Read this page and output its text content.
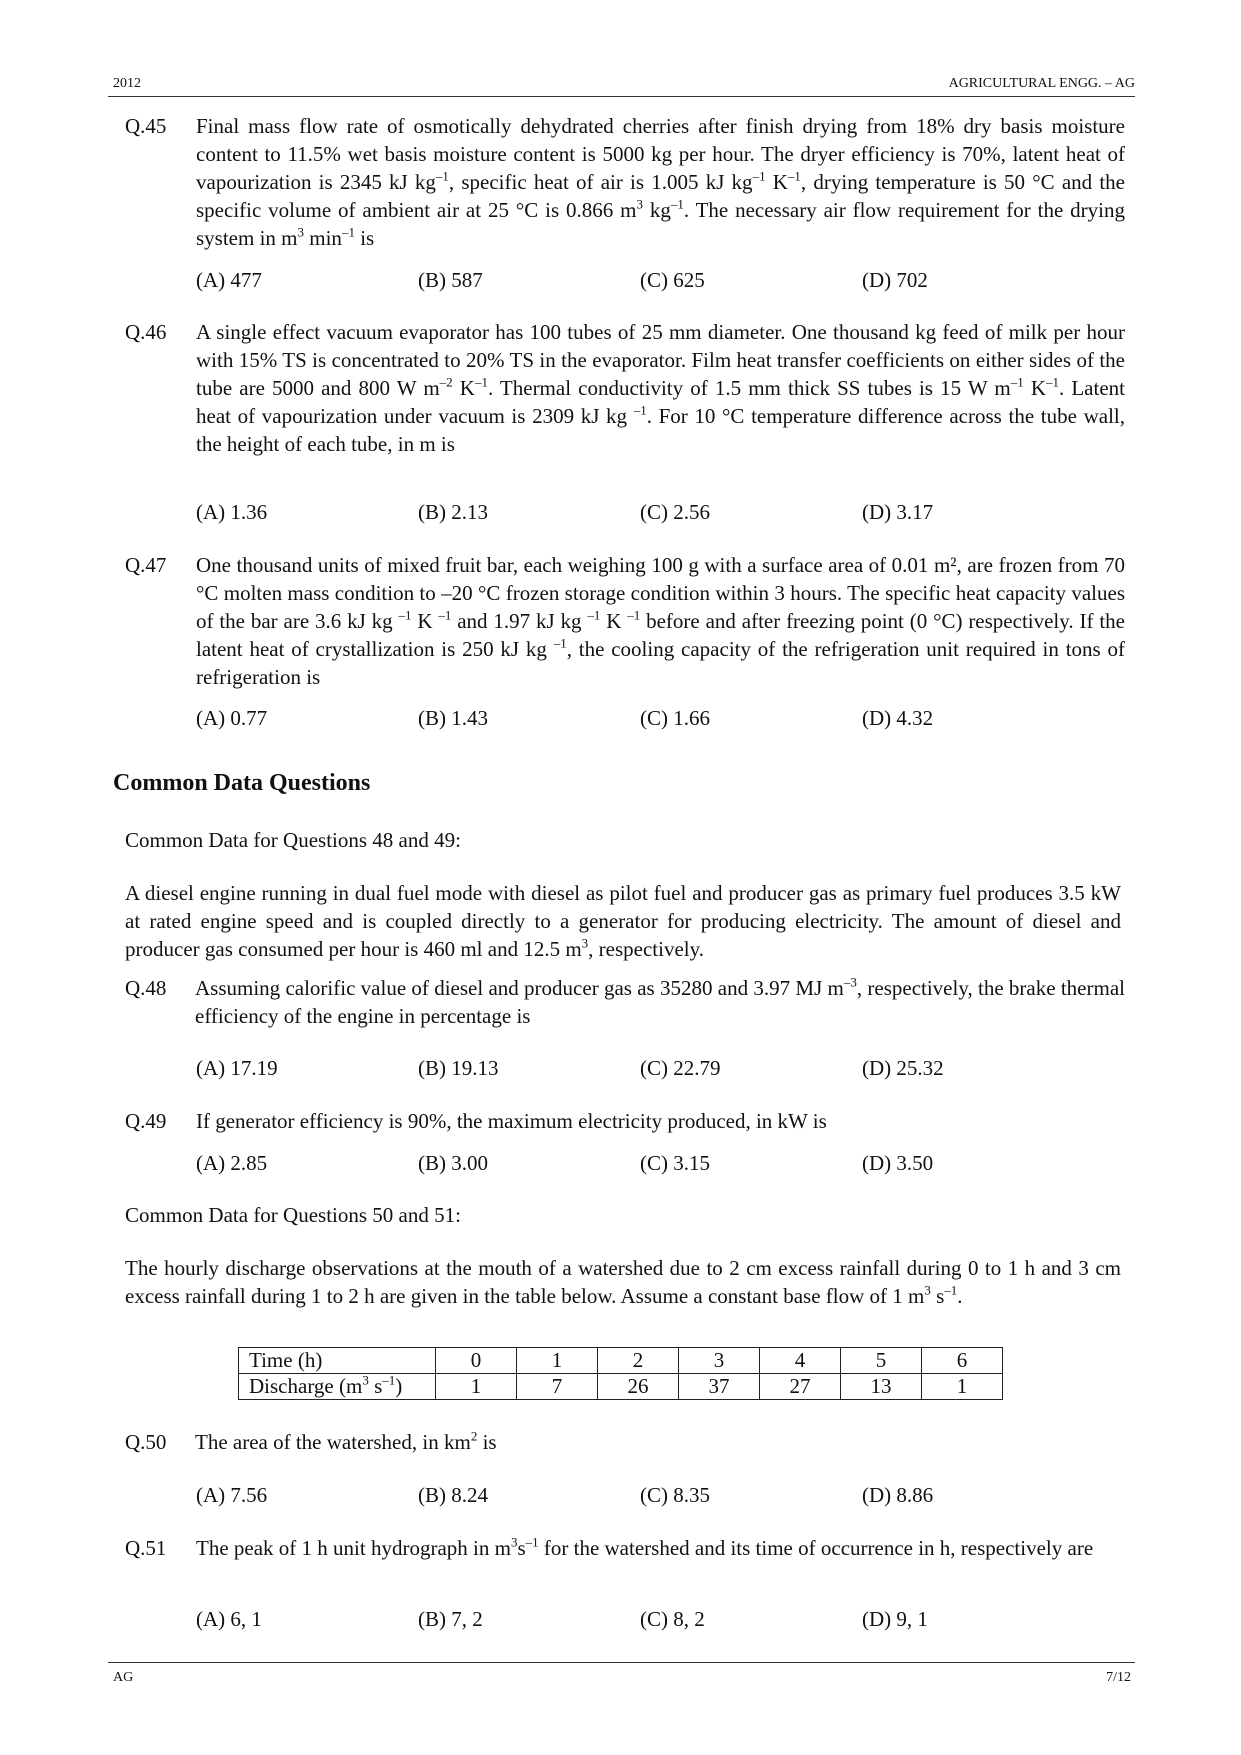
2012	AGRICULTURAL ENGG. – AG
Q.45 Final mass flow rate of osmotically dehydrated cherries after finish drying from 18% dry basis moisture content to 11.5% wet basis moisture content is 5000 kg per hour. The dryer efficiency is 70%, latent heat of vapourization is 2345 kJ $kg^{-1}$, specific heat of air is 1.005 kJ $kg^{-1}$ $K^{-1}$, drying temperature is 50 °C and the specific volume of ambient air at 25 °C is 0.866 $m^3$ $kg^{-1}$. The necessary air flow requirement for the drying system in $m^3$ $\min^{-1}$ is
(A) 477	(B) 587	(C) 625	(D) 702
Q.46 A single effect vacuum evaporator has 100 tubes of 25 mm diameter. One thousand kg feed of milk per hour with 15% TS is concentrated to 20% TS in the evaporator. Film heat transfer coefficients on either sides of the tube are 5000 and 800 W $m^{-2}$ $K^{-1}$. Thermal conductivity of 1.5 mm thick SS tubes is 15 W $m^{-1}$ $K^{-1}$. Latent heat of vapourization under vacuum is 2309 kJ kg $^{-1}$. For 10 °C temperature difference across the tube wall, the height of each tube, in m is
(A) 1.36	(B) 2.13	(C) 2.56	(D) 3.17
Q.47 One thousand units of mixed fruit bar, each weighing 100 g with a surface area of 0.01 m², are frozen from 70 °C molten mass condition to –20 °C frozen storage condition within 3 hours. The specific heat capacity values of the bar are 3.6 kJ kg $^{-1}$ K $^{-1}$ and 1.97 kJ kg $^{-1}$ K $^{-1}$ before and after freezing point (0 °C) respectively. If the latent heat of crystallization is 250 kJ kg $^{-1}$, the cooling capacity of the refrigeration unit required in tons of refrigeration is
(A) 0.77	(B) 1.43	(C) 1.66	(D) 4.32
Common Data Questions
Common Data for Questions 48 and 49:
A diesel engine running in dual fuel mode with diesel as pilot fuel and producer gas as primary fuel produces 3.5 kW at rated engine speed and is coupled directly to a generator for producing electricity. The amount of diesel and producer gas consumed per hour is 460 ml and 12.5 $m^3$, respectively.
Q.48 Assuming calorific value of diesel and producer gas as 35280 and 3.97 MJ $m^{-3}$, respectively, the brake thermal efficiency of the engine in percentage is
(A) 17.19	(B) 19.13	(C) 22.79	(D) 25.32
Q.49 If generator efficiency is 90%, the maximum electricity produced, in kW is
(A) 2.85	(B) 3.00	(C) 3.15	(D) 3.50
Common Data for Questions 50 and 51:
The hourly discharge observations at the mouth of a watershed due to 2 cm excess rainfall during 0 to 1 h and 3 cm excess rainfall during 1 to 2 h are given in the table below. Assume a constant base flow of 1 $m^3$ $s^{-1}$.
Time (h)	0	1	2	3	4	5	6
Discharge ($m^3$ $s^{-1}$)	1	7	26	37	27	13	1
Q.50 The area of the watershed, in $km^2$ is
(A) 7.56	(B) 8.24	(C) 8.35	(D) 8.86
Q.51 The peak of 1 h unit hydrograph in $m^3s^{-1}$ for the watershed and its time of occurrence in h, respectively are
(A) 6, 1	(B) 7, 2	(C) 8, 2	(D) 9, 1
AG	7/12
